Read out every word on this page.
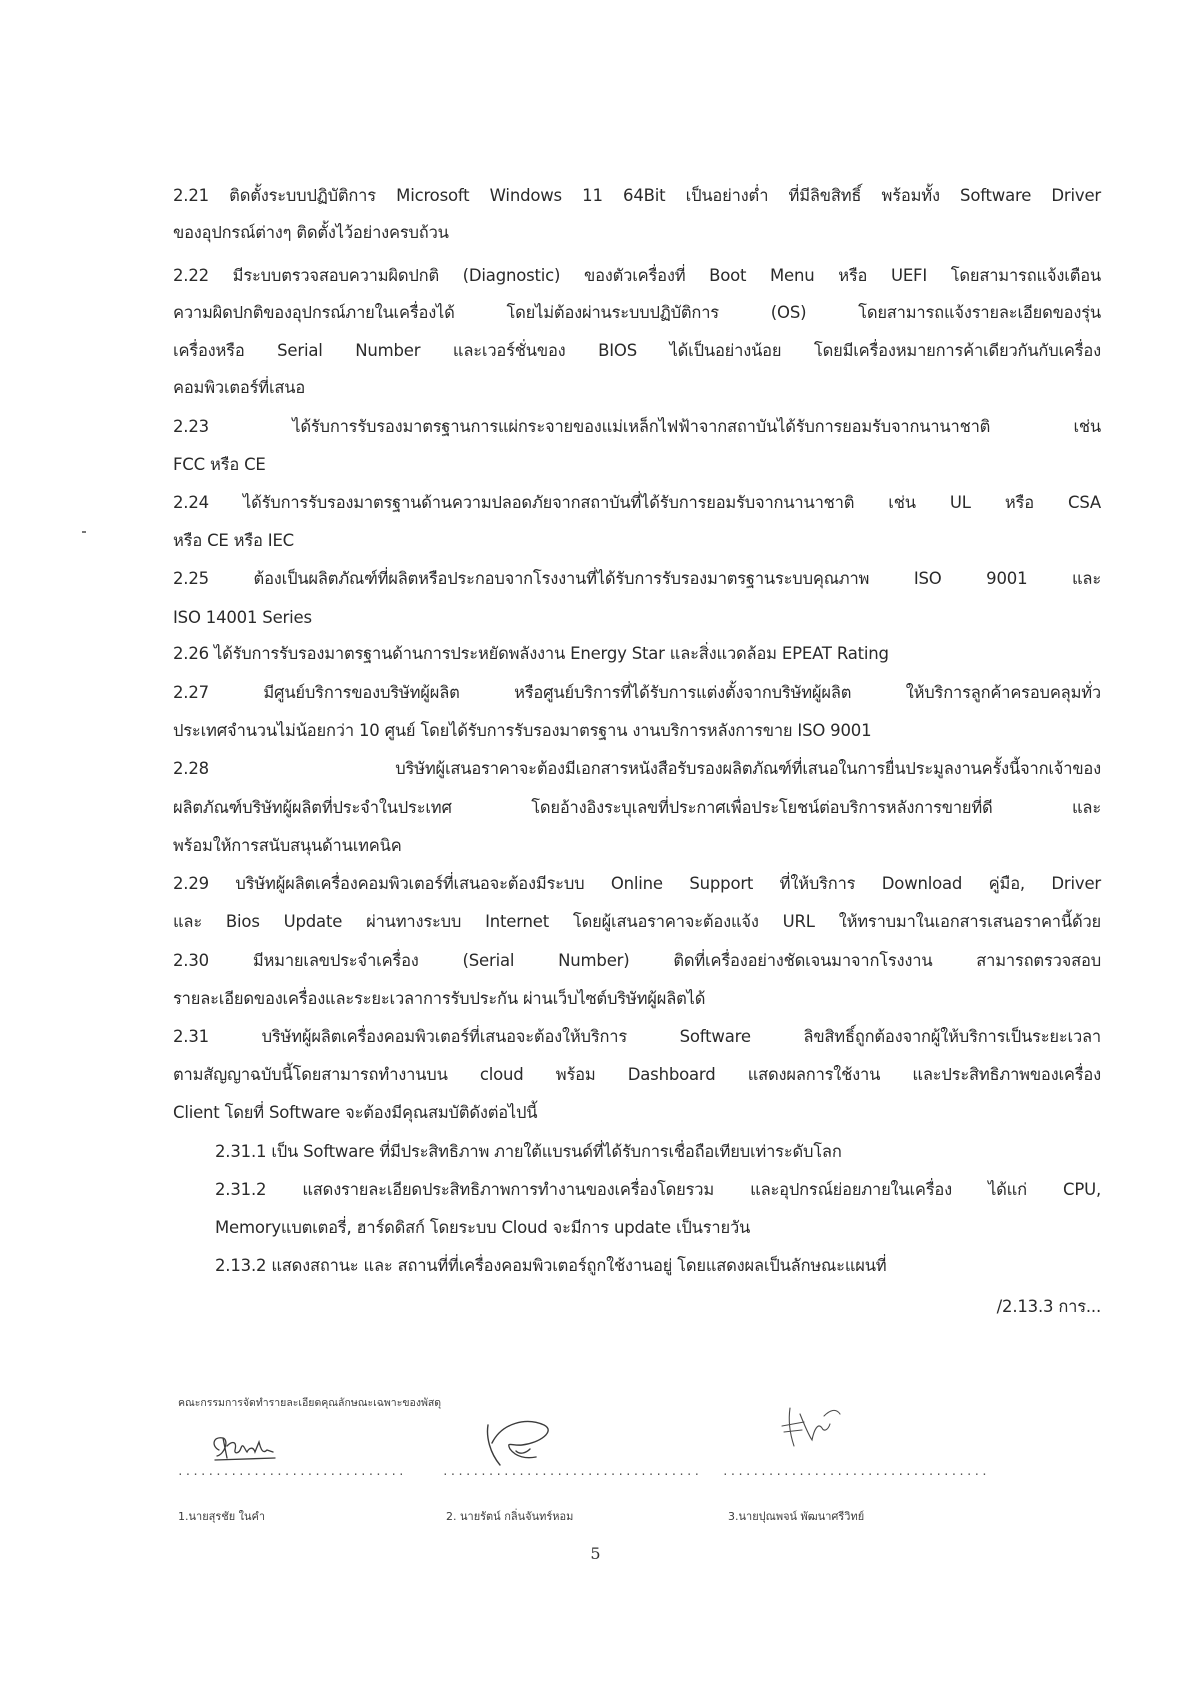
2.21 ติดตั้งระบบปฏิบัติการ Microsoft Windows 11 64Bit เป็นอย่างต่ำ ที่มีลิขสิทธิ์ พร้อมทั้ง Software Driver
ของอุปกรณ์ต่างๆ ติดตั้งไว้อย่างครบถ้วน
2.22 มีระบบตรวจสอบความผิดปกติ (Diagnostic) ของตัวเครื่องที่ Boot Menu หรือ UEFI โดยสามารถแจ้งเตือน
ความผิดปกติของอุปกรณ์ภายในเครื่องได้ โดยไม่ต้องผ่านระบบปฏิบัติการ (OS) โดยสามารถแจ้งรายละเอียดของรุ่น
เครื่องหรือ Serial Number และเวอร์ชั่นของ BIOS ได้เป็นอย่างน้อย โดยมีเครื่องหมายการค้าเดียวกันกับเครื่อง
คอมพิวเตอร์ที่เสนอ
2.23 ได้รับการรับรองมาตรฐานการแผ่กระจายของแม่เหล็กไฟฟ้าจากสถาบันได้รับการยอมรับจากนานาชาติ เช่น
FCC หรือ CE
2.24 ได้รับการรับรองมาตรฐานด้านความปลอดภัยจากสถาบันที่ได้รับการยอมรับจากนานาชาติ เช่น UL หรือ CSA
หรือ CE หรือ IEC
2.25 ต้องเป็นผลิตภัณฑ์ที่ผลิตหรือประกอบจากโรงงานที่ได้รับการรับรองมาตรฐานระบบคุณภาพ ISO 9001 และ
ISO 14001 Series
2.26 ได้รับการรับรองมาตรฐานด้านการประหยัดพลังงาน Energy Star และสิ่งแวดล้อม EPEAT Rating
2.27 มีศูนย์บริการของบริษัทผู้ผลิต หรือศูนย์บริการที่ได้รับการแต่งตั้งจากบริษัทผู้ผลิต ให้บริการลูกค้าครอบคลุมทั่ว
ประเทศจำนวนไม่น้อยกว่า 10 ศูนย์ โดยได้รับการรับรองมาตรฐาน งานบริการหลังการขาย ISO 9001
2.28 บริษัทผู้เสนอราคาจะต้องมีเอกสารหนังสือรับรองผลิตภัณฑ์ที่เสนอในการยื่นประมูลงานครั้งนี้จากเจ้าของ
ผลิตภัณฑ์บริษัทผู้ผลิตที่ประจำในประเทศ โดยอ้างอิงระบุเลขที่ประกาศเพื่อประโยชน์ต่อบริการหลังการขายที่ดี และ
พร้อมให้การสนับสนุนด้านเทคนิค
2.29 บริษัทผู้ผลิตเครื่องคอมพิวเตอร์ที่เสนอจะต้องมีระบบ Online Support ที่ให้บริการ Download คู่มือ, Driver
และ Bios Update ผ่านทางระบบ Internet โดยผู้เสนอราคาจะต้องแจ้ง URL ให้ทราบมาในเอกสารเสนอราคานี้ด้วย
2.30 มีหมายเลขประจำเครื่อง (Serial Number) ติดที่เครื่องอย่างชัดเจนมาจากโรงงาน สามารถตรวจสอบ
รายละเอียดของเครื่องและระยะเวลาการรับประกัน ผ่านเว็บไซต์บริษัทผู้ผลิตได้
2.31 บริษัทผู้ผลิตเครื่องคอมพิวเตอร์ที่เสนอจะต้องให้บริการ Software ลิขสิทธิ์ถูกต้องจากผู้ให้บริการเป็นระยะเวลา
ตามสัญญาฉบับนี้โดยสามารถทำงานบน cloud พร้อม Dashboard แสดงผลการใช้งาน และประสิทธิภาพของเครื่อง
Client โดยที่ Software จะต้องมีคุณสมบัติดังต่อไปนี้
2.31.1 เป็น Software ที่มีประสิทธิภาพ ภายใต้แบรนด์ที่ได้รับการเชื่อถือเทียบเท่าระดับโลก
2.31.2 แสดงรายละเอียดประสิทธิภาพการทำงานของเครื่องโดยรวม และอุปกรณ์ย่อยภายในเครื่อง ได้แก่ CPU,
Memoryแบตเตอรี่, ฮาร์ดดิสก์ โดยระบบ Cloud จะมีการ update เป็นรายวัน
2.13.2 แสดงสถานะ และ สถานที่ที่เครื่องคอมพิวเตอร์ถูกใช้งานอยู่ โดยแสดงผลเป็นลักษณะแผนที่
/2.13.3 การ...
คณะกรรมการจัดทำรายละเอียดคุณลักษณะเฉพาะของพัสดุ
..............................
1.นายสุรชัย ในคำ
..................................
2. นายรัตน์ กลิ่นจันทร์หอม
...................................
3.นายปุณพจน์ พัฒนาศรีวิทย์
5
